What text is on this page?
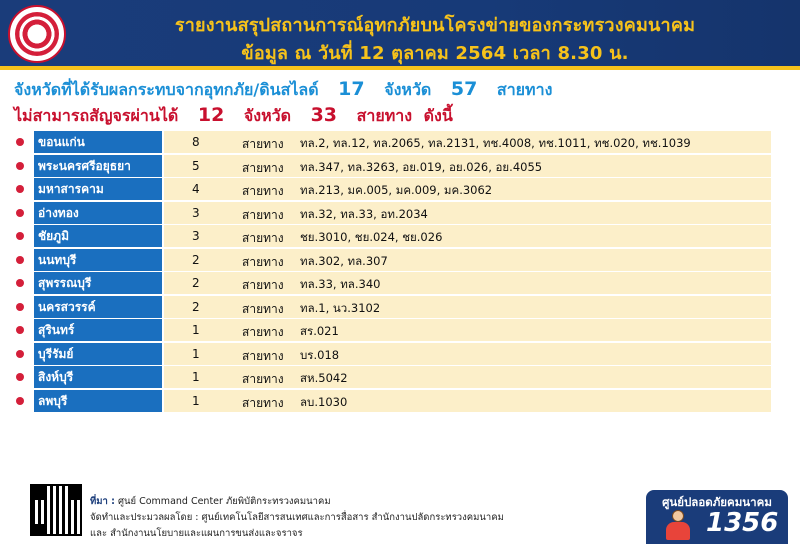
รายงานสรุปสถานการณ์อุทกภัยบนโครงข่ายของกระทรวงคมนาคม
ข้อมูล ณ วันที่ 12 ตุลาคม 2564 เวลา 8.30 น.
จังหวัดที่ได้รับผลกระทบจากอุทกภัย/ดินสไลด์ 17 จังหวัด 57 สายทาง
ไม่สามารถสัญจรผ่านได้ 12 จังหวัด 33 สายทาง ดังนี้
ขอนแก่น	8	สายทาง ทล.2, ทล.12, ทล.2065, ทล.2131, ทช.4008, ทช.1011, ทช.020, ทช.1039
พระนครศรีอยุธยา	5	สายทาง ทล.347, ทล.3263, อย.019, อย.026, อย.4055
มหาสารคาม	4	สายทาง ทล.213, มค.005, มค.009, มค.3062
อ่างทอง	3	สายทาง ทล.32, ทล.33, อท.2034
ชัยภูมิ	3	สายทาง ชย.3010, ชย.024, ชย.026
นนทบุรี	2	สายทาง ทล.302, ทล.307
สุพรรณบุรี	2	สายทาง ทล.33, ทล.340
นครสวรรค์	2	สายทาง ทล.1, นว.3102
สุรินทร์	1	สายทาง สร.021
บุรีรัมย์	1	สายทาง บร.018
สิงห์บุรี	1	สายทาง สห.5042
ลพบุรี	1	สายทาง ลบ.1030
ที่มา : ศูนย์ Command Center ภัยพิบัติกระทรวงคมนาคม
จัดทำและประมวลผลโดย : ศูนย์เทคโนโลยีสารสนเทศและการสื่อสาร สำนักงานปลัดกระทรวงคมนาคม
และ สำนักงานนโยบายและแผนการขนส่งและจราจร
ศูนย์ปลอดภัยคมนาคม
1356
